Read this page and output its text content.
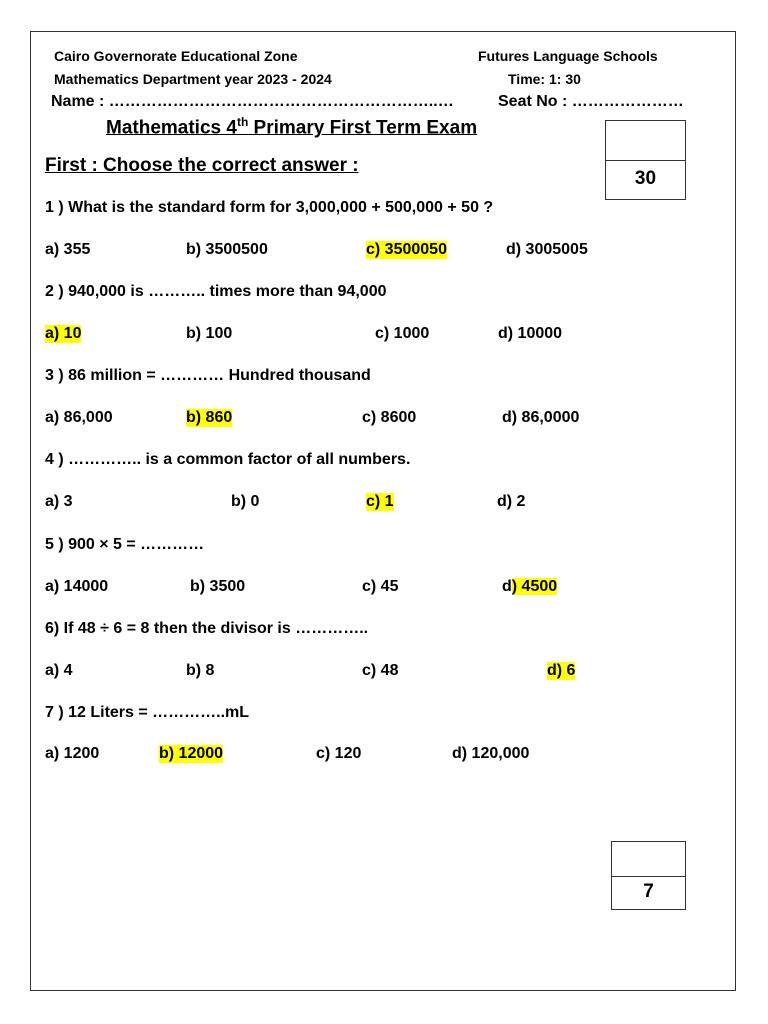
Cairo Governorate Educational Zone
Mathematics Department year 2023 - 2024
Name : ……………………………………………………..…
Futures Language Schools
Time: 1: 30
Seat No : …………………
Mathematics 4th Primary First Term Exam
30
First : Choose the correct answer :
1 ) What is the standard form for 3,000,000 + 500,000 + 50 ?
a) 355	b) 3500500	c) 3500050	d) 3005005
2 ) 940,000 is ……….. times more than 94,000
a) 10	b) 100	c) 1000	d) 10000
3 ) 86 million = ………… Hundred thousand
a) 86,000	b) 860	c) 8600	d) 86,0000
4 ) ………….. is a common factor of all numbers.
a) 3	b) 0	c) 1	d) 2
5 ) 900 × 5 = …………
a) 14000	b) 3500	c) 45	d) 4500
6) If 48 ÷ 6 = 8 then the divisor is …………..
a) 4	b) 8	c) 48	d) 6
7 ) 12 Liters = …………..mL
a) 1200	b) 12000	c) 120	d) 120,000
7
